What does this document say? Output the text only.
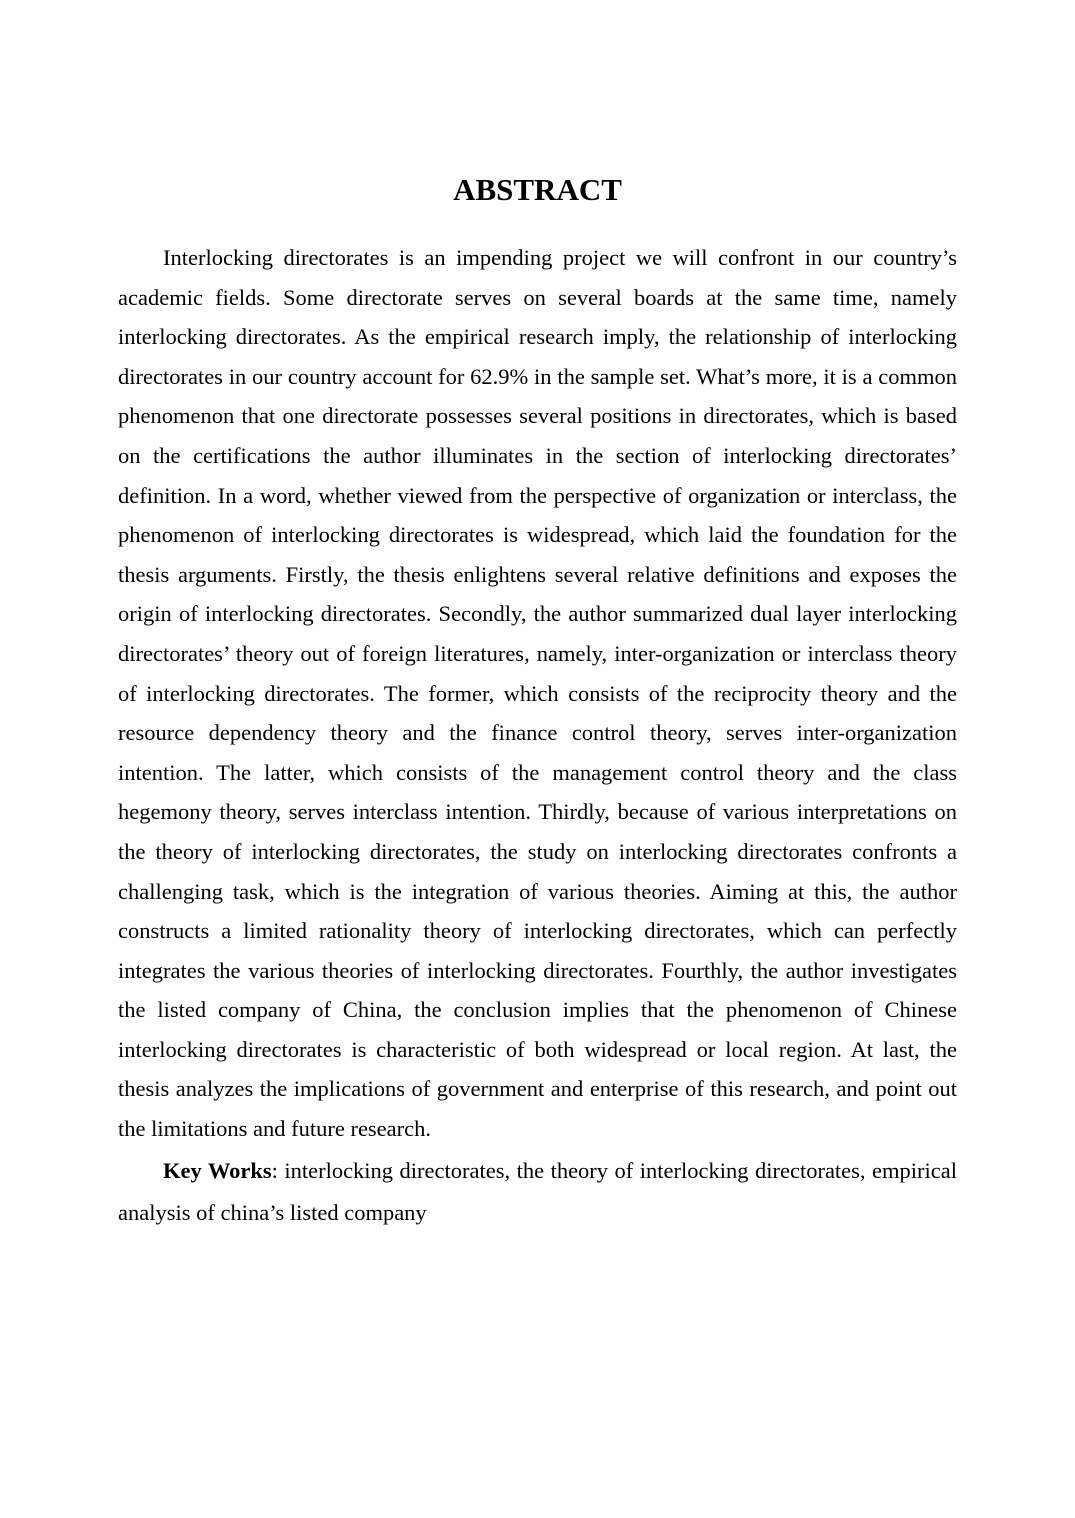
ABSTRACT

Interlocking directorates is an impending project we will confront in our country’s academic fields. Some directorate serves on several boards at the same time, namely interlocking directorates. As the empirical research imply, the relationship of interlocking directorates in our country account for 62.9% in the sample set. What’s more, it is a common phenomenon that one directorate possesses several positions in directorates, which is based on the certifications the author illuminates in the section of interlocking directorates’ definition. In a word, whether viewed from the perspective of organization or interclass, the phenomenon of interlocking directorates is widespread, which laid the foundation for the thesis arguments. Firstly, the thesis enlightens several relative definitions and exposes the origin of interlocking directorates. Secondly, the author summarized dual layer interlocking directorates’ theory out of foreign literatures, namely, inter-organization or interclass theory of interlocking directorates. The former, which consists of the reciprocity theory and the resource dependency theory and the finance control theory, serves inter-organization intention. The latter, which consists of the management control theory and the class hegemony theory, serves interclass intention. Thirdly, because of various interpretations on the theory of interlocking directorates, the study on interlocking directorates confronts a challenging task, which is the integration of various theories. Aiming at this, the author constructs a limited rationality theory of interlocking directorates, which can perfectly integrates the various theories of interlocking directorates. Fourthly, the author investigates the listed company of China, the conclusion implies that the phenomenon of Chinese interlocking directorates is characteristic of both widespread or local region. At last, the thesis analyzes the implications of government and enterprise of this research, and point out the limitations and future research.

Key Works: interlocking directorates, the theory of interlocking directorates, empirical analysis of china’s listed company
